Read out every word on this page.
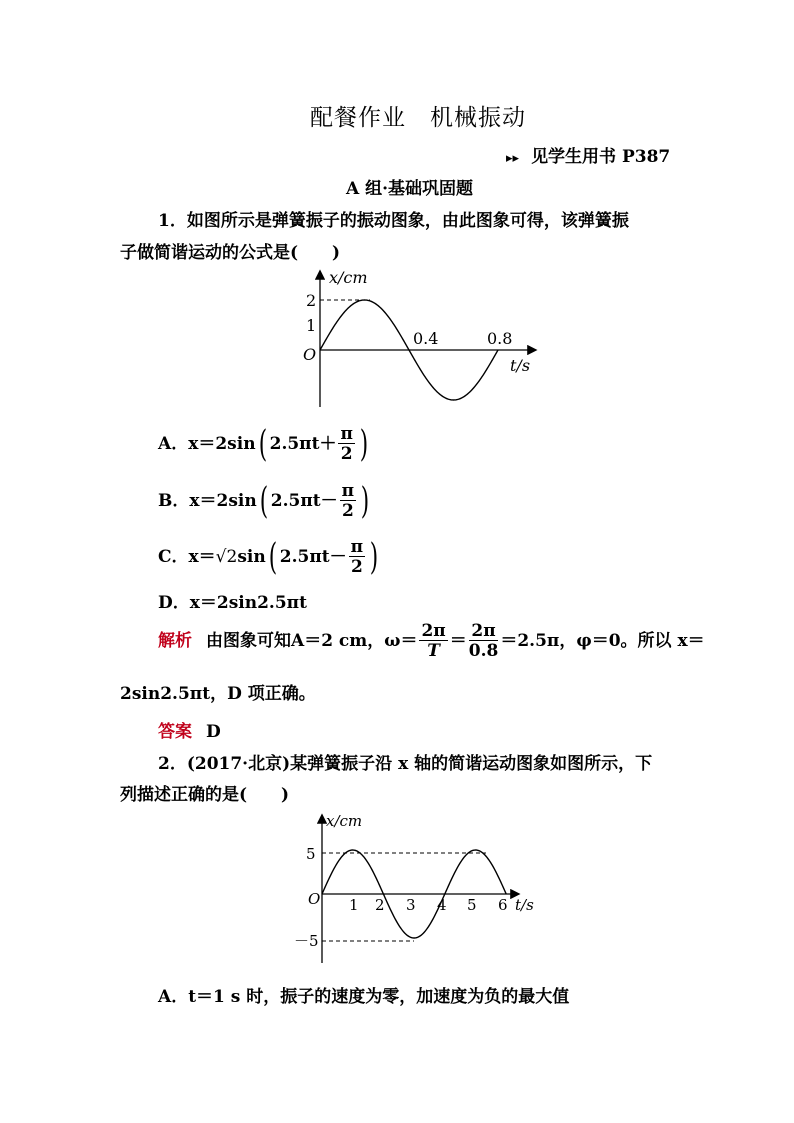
配餐作业　机械振动
▸▸ 见学生用书 P387
A 组·基础巩固题
1．如图所示是弹簧振子的振动图象，由此图象可得，该弹簧振
子做简谐运动的公式是(　　)
x/cm
2
1
O
0.4	0.8
t/s
A．x＝2sin( $2.5\pi t+ \frac{\pi}{2}$ )
B．x＝2sin( $2.5\pi t- \frac{\pi}{2}$ )
C．x＝√2sin( $2.5\pi t- \frac{\pi}{2}$ )
D．x＝2sin2.5πt
解析 由图象可知A＝2 cm，$\omega= \frac{2\pi}{T} = \frac{2\pi}{0.8} =2.5\pi$，φ＝0。所以 x＝
2sin2.5πt，D 项正确。
答案 D
2．(2017·北京)某弹簧振子沿 x 轴的简谐运动图象如图所示，下
列描述正确的是(　　)
x/cm
5
－5
O 1 2 3 4 5 6 t/s
A．t＝1 s 时，振子的速度为零，加速度为负的最大值
